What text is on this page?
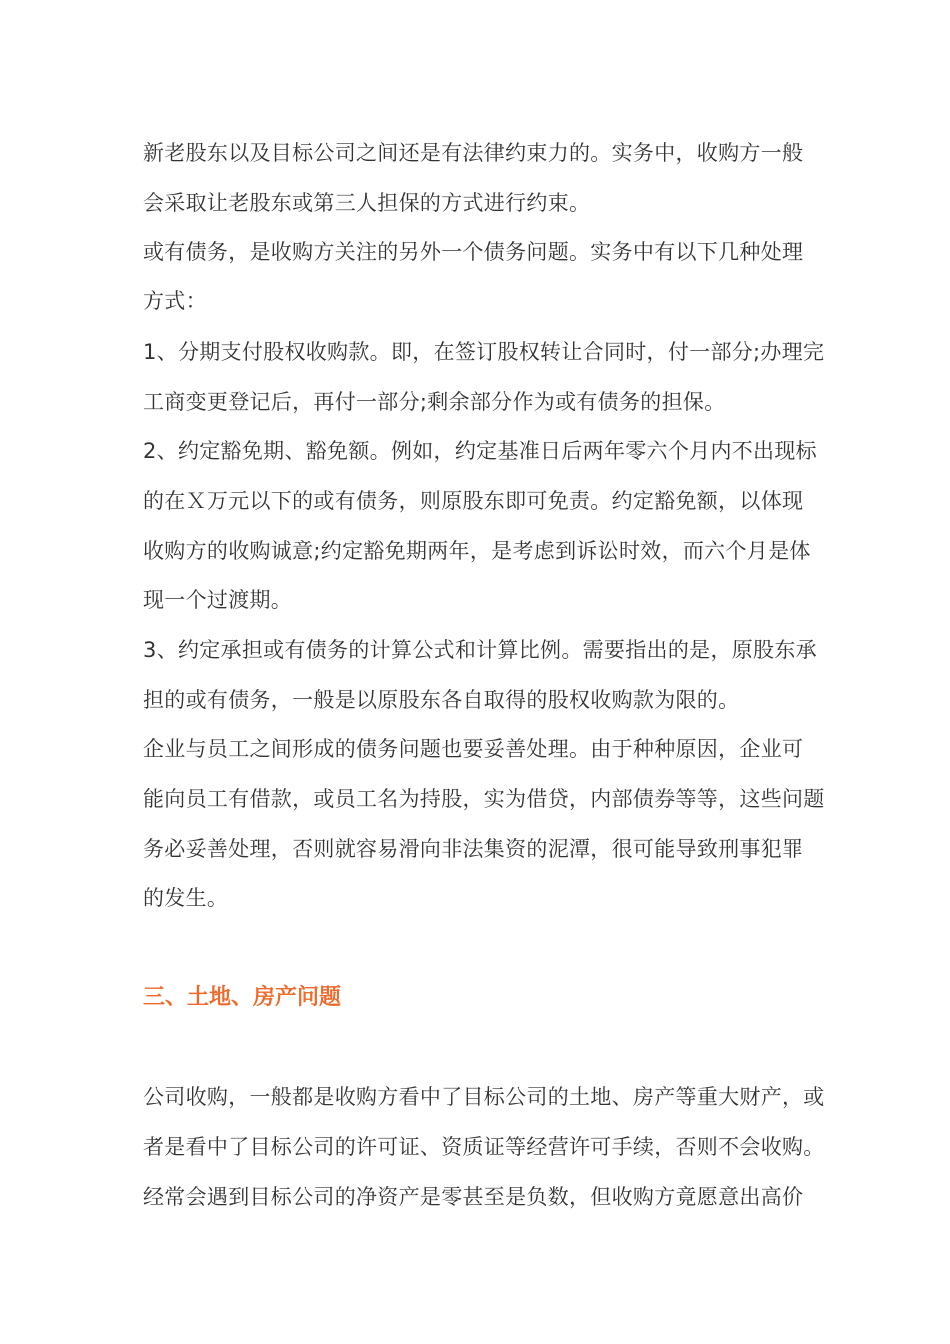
新老股东以及目标公司之间还是有法律约束力的。实务中，收购方一般
会采取让老股东或第三人担保的方式进行约束。
或有债务，是收购方关注的另外一个债务问题。实务中有以下几种处理
方式：
1、分期支付股权收购款。即，在签订股权转让合同时，付一部分;办理完
工商变更登记后，再付一部分;剩余部分作为或有债务的担保。
2、约定豁免期、豁免额。例如，约定基准日后两年零六个月内不出现标
的在Ｘ万元以下的或有债务，则原股东即可免责。约定豁免额，以体现
收购方的收购诚意;约定豁免期两年，是考虑到诉讼时效，而六个月是体
现一个过渡期。
3、约定承担或有债务的计算公式和计算比例。需要指出的是，原股东承
担的或有债务，一般是以原股东各自取得的股权收购款为限的。
企业与员工之间形成的债务问题也要妥善处理。由于种种原因，企业可
能向员工有借款，或员工名为持股，实为借贷，内部债券等等，这些问题
务必妥善处理，否则就容易滑向非法集资的泥潭，很可能导致刑事犯罪
的发生。
三、土地、房产问题
公司收购，一般都是收购方看中了目标公司的土地、房产等重大财产，或
者是看中了目标公司的许可证、资质证等经营许可手续，否则不会收购。
经常会遇到目标公司的净资产是零甚至是负数，但收购方竟愿意出高价
